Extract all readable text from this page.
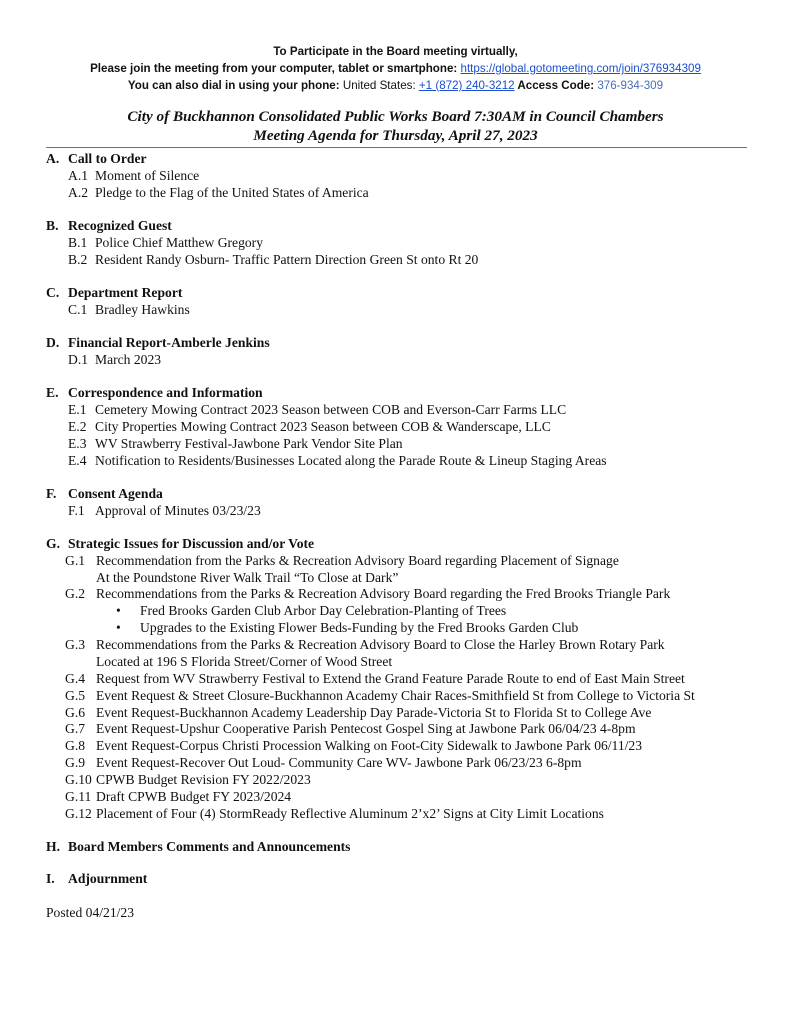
To Participate in the Board meeting virtually,
Please join the meeting from your computer, tablet or smartphone: https://global.gotomeeting.com/join/376934309
You can also dial in using your phone: United States: +1 (872) 240-3212 Access Code: 376-934-309
City of Buckhannon Consolidated Public Works Board 7:30AM in Council Chambers
Meeting Agenda for Thursday, April 27, 2023
A. Call to Order
A.1 Moment of Silence
A.2 Pledge to the Flag of the United States of America
B. Recognized Guest
B.1 Police Chief Matthew Gregory
B.2 Resident Randy Osburn- Traffic Pattern Direction Green St onto Rt 20
C. Department Report
C.1 Bradley Hawkins
D. Financial Report-Amberle Jenkins
D.1 March 2023
E. Correspondence and Information
E.1 Cemetery Mowing Contract 2023 Season between COB and Everson-Carr Farms LLC
E.2 City Properties Mowing Contract 2023 Season between COB & Wanderscape, LLC
E.3 WV Strawberry Festival-Jawbone Park Vendor Site Plan
E.4 Notification to Residents/Businesses Located along the Parade Route & Lineup Staging Areas
F. Consent Agenda
F.1 Approval of Minutes 03/23/23
G. Strategic Issues for Discussion and/or Vote
G.1 Recommendation from the Parks & Recreation Advisory Board regarding Placement of Signage
At the Poundstone River Walk Trail “To Close at Dark”
G.2 Recommendations from the Parks & Recreation Advisory Board regarding the Fred Brooks Triangle Park
• Fred Brooks Garden Club Arbor Day Celebration-Planting of Trees
• Upgrades to the Existing Flower Beds-Funding by the Fred Brooks Garden Club
G.3 Recommendations from the Parks & Recreation Advisory Board to Close the Harley Brown Rotary Park
Located at 196 S Florida Street/Corner of Wood Street
G.4 Request from WV Strawberry Festival to Extend the Grand Feature Parade Route to end of East Main Street
G.5 Event Request & Street Closure-Buckhannon Academy Chair Races-Smithfield St from College to Victoria St
G.6 Event Request-Buckhannon Academy Leadership Day Parade-Victoria St to Florida St to College Ave
G.7 Event Request-Upshur Cooperative Parish Pentecost Gospel Sing at Jawbone Park 06/04/23 4-8pm
G.8 Event Request-Corpus Christi Procession Walking on Foot-City Sidewalk to Jawbone Park 06/11/23
G.9 Event Request-Recover Out Loud- Community Care WV- Jawbone Park 06/23/23 6-8pm
G.10 CPWB Budget Revision FY 2022/2023
G.11 Draft CPWB Budget FY 2023/2024
G.12 Placement of Four (4) StormReady Reflective Aluminum 2’x2’ Signs at City Limit Locations
H. Board Members Comments and Announcements
I. Adjournment
Posted 04/21/23
